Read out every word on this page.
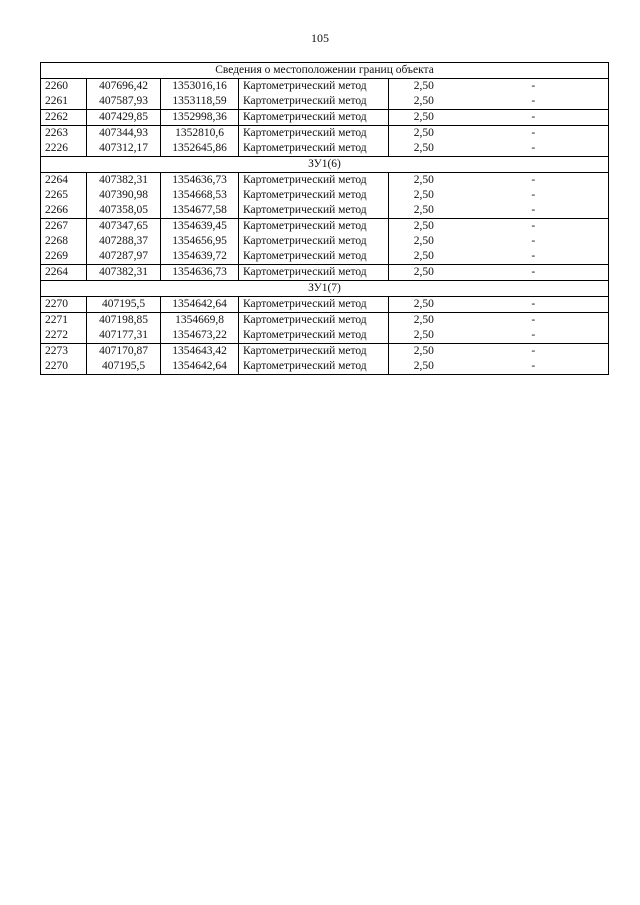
105
Сведения о местоположении границ объекта					
2260	407696,42	1353016,16	Картометрический метод	2,50	-
2261	407587,93	1353118,59	Картометрический метод	2,50	-
2262	407429,85	1352998,36	Картометрический метод	2,50	-
2263	407344,93	1352810,6	Картометрический метод	2,50	-
2226	407312,17	1352645,86	Картометрический метод	2,50	-
ЗУ1(6)					
2264	407382,31	1354636,73	Картометрический метод	2,50	-
2265	407390,98	1354668,53	Картометрический метод	2,50	-
2266	407358,05	1354677,58	Картометрический метод	2,50	-
2267	407347,65	1354639,45	Картометрический метод	2,50	-
2268	407288,37	1354656,95	Картометрический метод	2,50	-
2269	407287,97	1354639,72	Картометрический метод	2,50	-
2264	407382,31	1354636,73	Картометрический метод	2,50	-
ЗУ1(7)					
2270	407195,5	1354642,64	Картометрический метод	2,50	-
2271	407198,85	1354669,8	Картометрический метод	2,50	-
2272	407177,31	1354673,22	Картометрический метод	2,50	-
2273	407170,87	1354643,42	Картометрический метод	2,50	-
2270	407195,5	1354642,64	Картометрический метод	2,50	-
